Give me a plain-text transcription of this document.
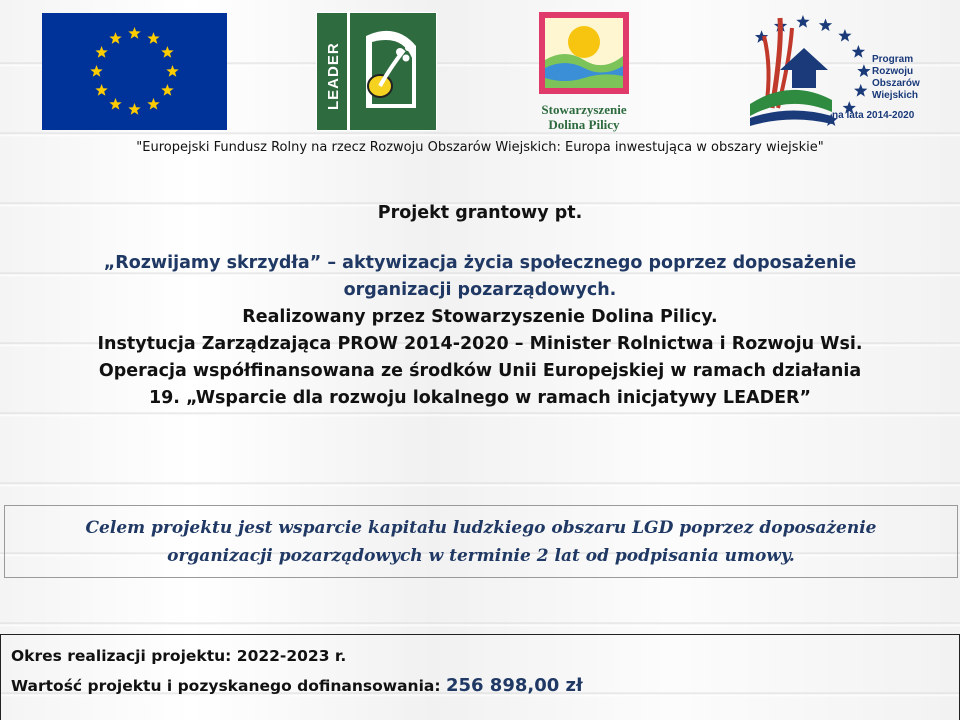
LEADER	Stowarzyszenie
Dolina Pilicy
Program
Rozwoju
Obszarów
Wiejskich
na lata 2014-2020
"Europejski Fundusz Rolny na rzecz Rozwoju Obszarów Wiejskich: Europa inwestująca w obszary wiejskie"
Projekt grantowy pt.
„Rozwijamy skrzydła” – aktywizacja życia społecznego poprzez doposażenie
organizacji pozarządowych.
Realizowany przez Stowarzyszenie Dolina Pilicy.
Instytucja Zarządzająca PROW 2014-2020 – Minister Rolnictwa i Rozwoju Wsi.
Operacja współfinansowana ze środków Unii Europejskiej w ramach działania
19. „Wsparcie dla rozwoju lokalnego w ramach inicjatywy LEADER”
Celem projektu jest wsparcie kapitału ludzkiego obszaru LGD poprzez doposażenie
organizacji pozarządowych w terminie 2 lat od podpisania umowy.
Okres realizacji projektu: 2022-2023 r.
Wartość projektu i pozyskanego dofinansowania: 256 898,00 zł
